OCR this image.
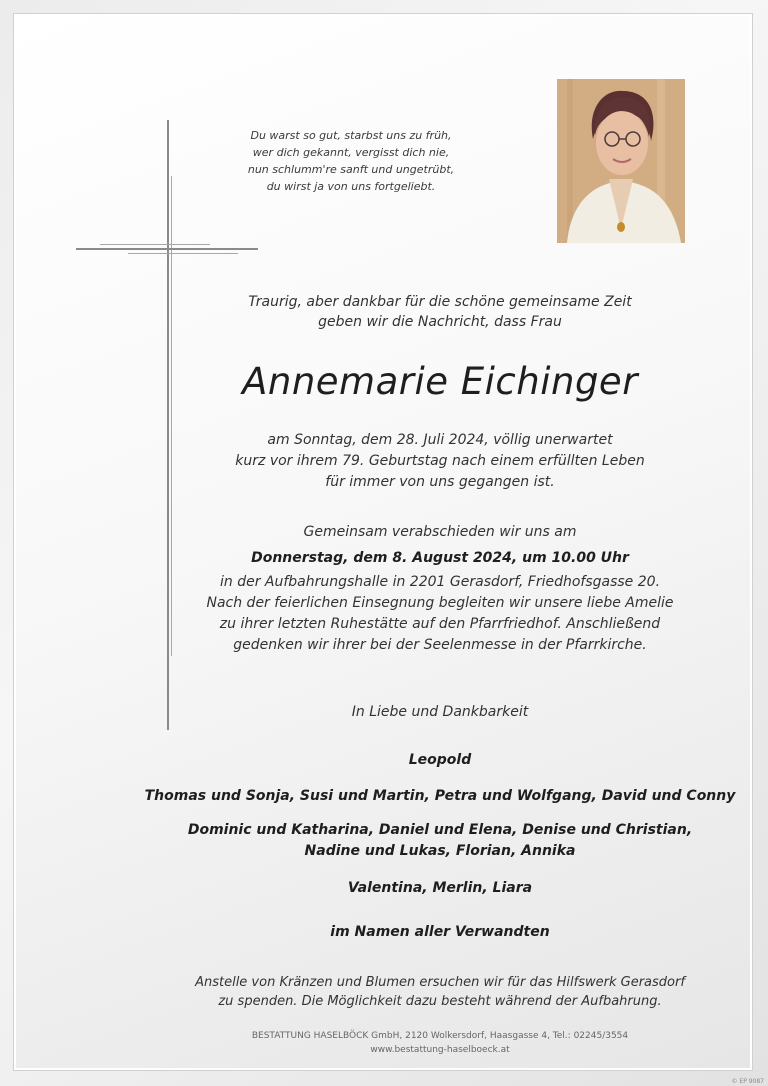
Du warst so gut, starbst uns zu früh,
wer dich gekannt, vergisst dich nie,
nun schlumm're sanft und ungetrübt,
du wirst ja von uns fortgeliebt.
Traurig, aber dankbar für die schöne gemeinsame Zeit
geben wir die Nachricht, dass Frau
Annemarie Eichinger
am Sonntag, dem 28. Juli 2024, völlig unerwartet
kurz vor ihrem 79. Geburtstag nach einem erfüllten Leben
für immer von uns gegangen ist.
Gemeinsam verabschieden wir uns am
Donnerstag, dem 8. August 2024, um 10.00 Uhr
in der Aufbahrungshalle in 2201 Gerasdorf, Friedhofsgasse 20.
Nach der feierlichen Einsegnung begleiten wir unsere liebe Amelie
zu ihrer letzten Ruhestätte auf den Pfarrfriedhof. Anschließend
gedenken wir ihrer bei der Seelenmesse in der Pfarrkirche.
In Liebe und Dankbarkeit
Leopold
Thomas und Sonja, Susi und Martin, Petra und Wolfgang, David und Conny
Dominic und Katharina, Daniel und Elena, Denise und Christian,
Nadine und Lukas, Florian, Annika
Valentina, Merlin, Liara
im Namen aller Verwandten
Anstelle von Kränzen und Blumen ersuchen wir für das Hilfswerk Gerasdorf
zu spenden. Die Möglichkeit dazu besteht während der Aufbahrung.
BESTATTUNG HASELBÖCK GmbH, 2120 Wolkersdorf, Haasgasse 4, Tel.: 02245/3554
www.bestattung-haselboeck.at
© EP 9087
